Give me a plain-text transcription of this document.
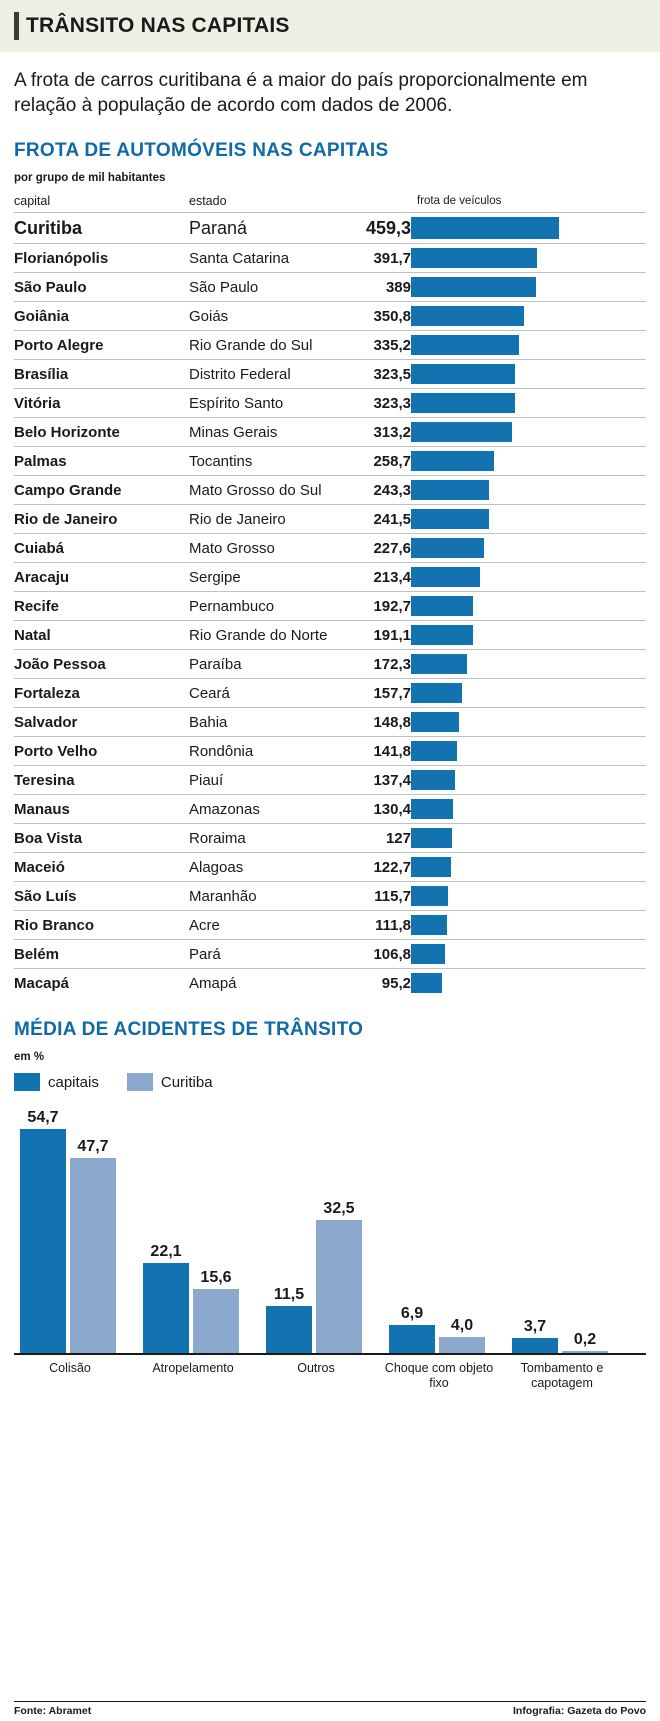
TRÂNSITO NAS CAPITAIS

A frota de carros curitibana é a maior do país proporcionalmente em relação à população de acordo com dados de 2006.

FROTA DE AUTOMÓVEIS NAS CAPITAIS
por grupo de mil habitantes
capital	estado		frota de veículos
Curitiba	Paraná	459,3	

Florianópolis	Santa Catarina	391,7	

São Paulo	São Paulo	389	

Goiânia	Goiás	350,8	

Porto Alegre	Rio Grande do Sul	335,2	

Brasília	Distrito Federal	323,5	

Vitória	Espírito Santo	323,3	

Belo Horizonte	Minas Gerais	313,2	

Palmas	Tocantins	258,7	

Campo Grande	Mato Grosso do Sul	243,3	

Rio de Janeiro	Rio de Janeiro	241,5	

Cuiabá	Mato Grosso	227,6	

Aracaju	Sergipe	213,4	

Recife	Pernambuco	192,7	

Natal	Rio Grande do Norte	191,1	

João Pessoa	Paraíba	172,3	

Fortaleza	Ceará	157,7	

Salvador	Bahia	148,8	

Porto Velho	Rondônia	141,8	

Teresina	Piauí	137,4	

Manaus	Amazonas	130,4	

Boa Vista	Roraima	127	

Maceió	Alagoas	122,7	

São Luís	Maranhão	115,7	

Rio Branco	Acre	111,8	

Belém	Pará	106,8	

Macapá	Amapá	95,2	
MÉDIA DE ACIDENTES DE TRÂNSITO
em %
capitais	Curitiba
54,7
47,7
22,1
15,6
11,5
32,5
6,9
4,0	3,7
0,2
Colisão	Atropelamento	Outros	Choque com objeto fixo
Tombamento e capotagem
Fonte: Abramet	Infografia: Gazeta do Povo
